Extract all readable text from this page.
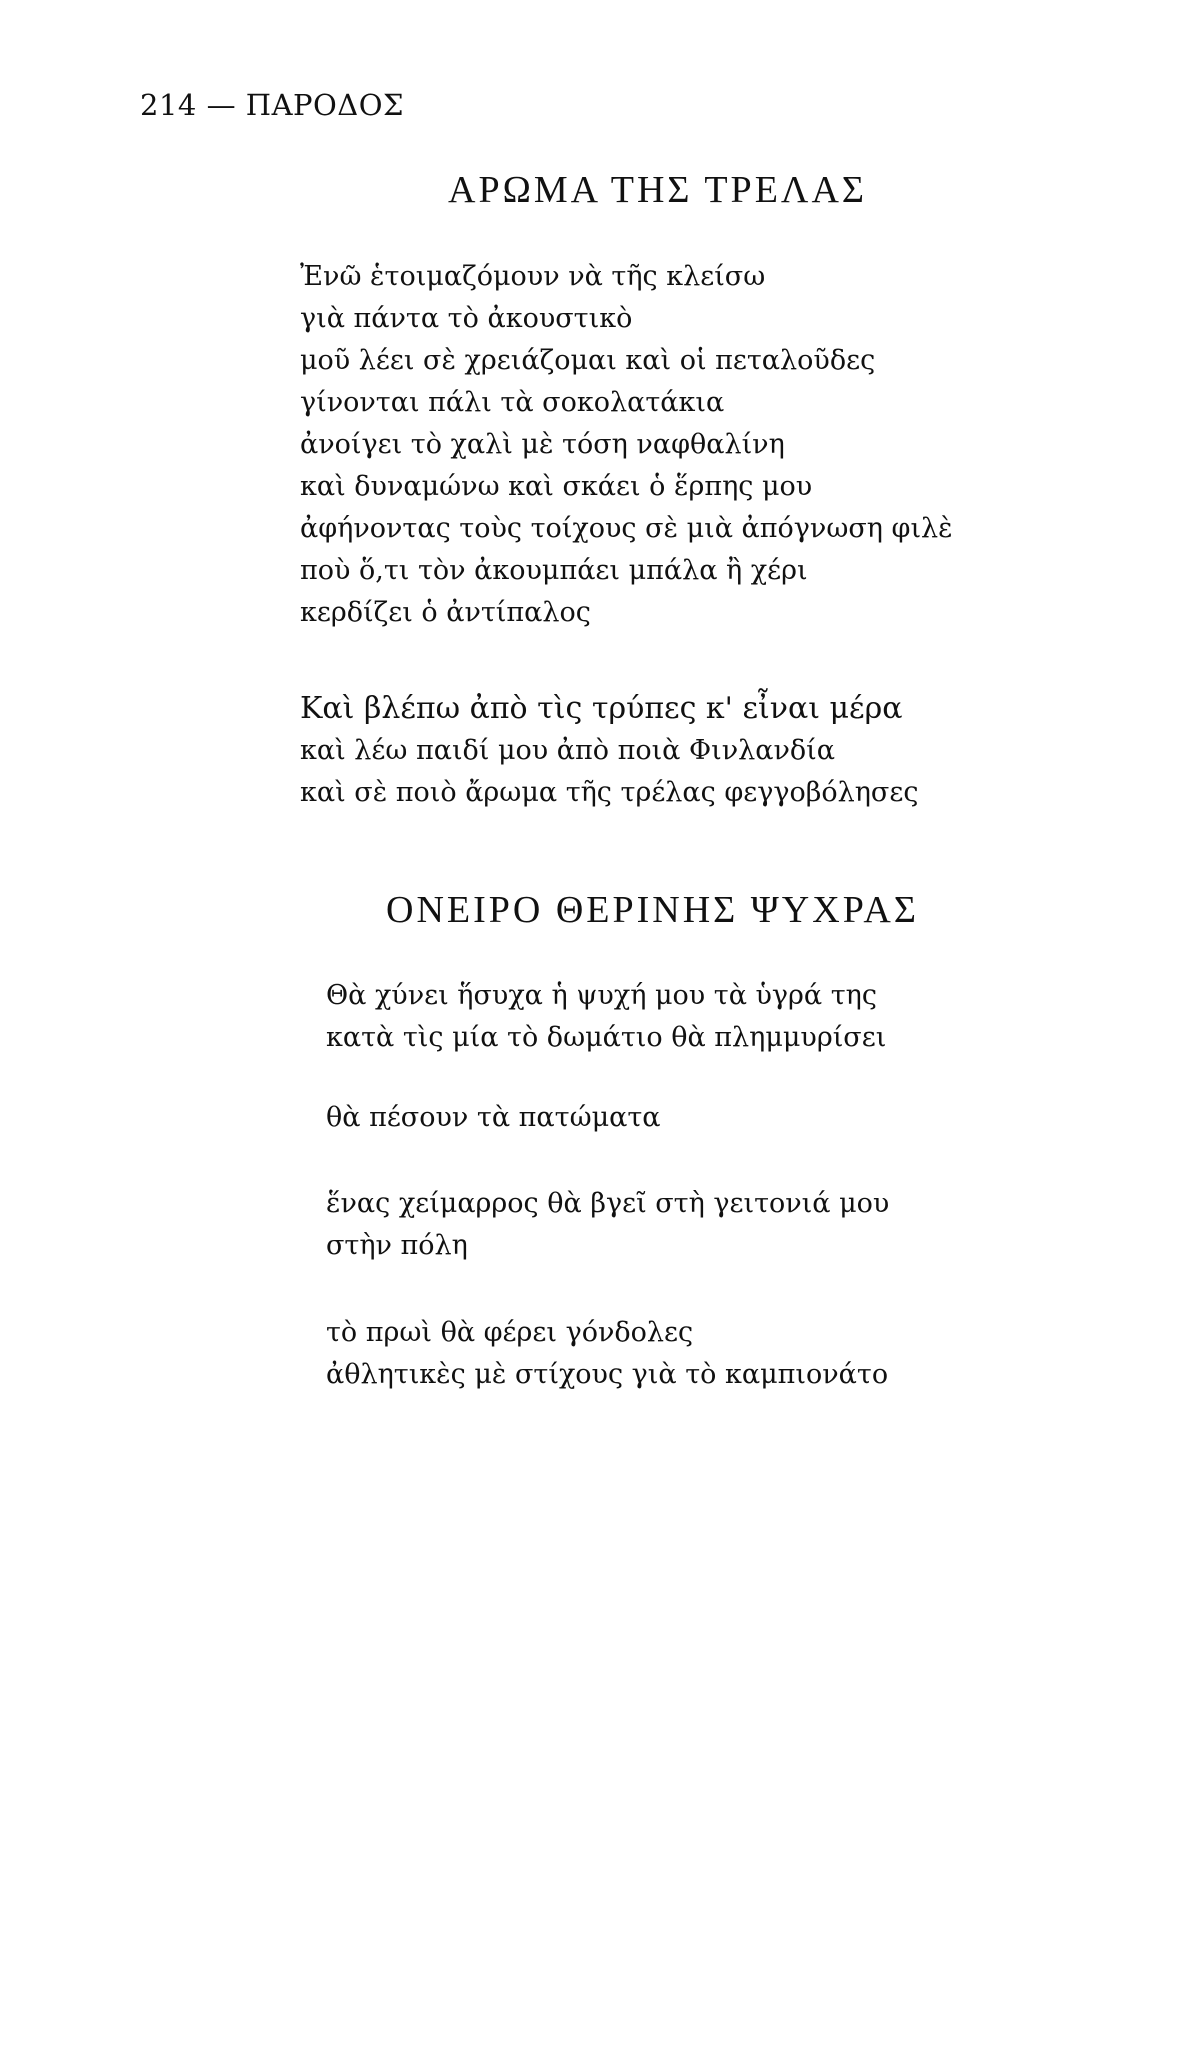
214 — ΠΑΡΟΔΟΣ
ΑΡΩΜΑ ΤΗΣ ΤΡΕΛΑΣ
Ἐνῶ ἑτοιμαζόμουν νὰ τῆς κλείσω
γιὰ πάντα τὸ ἀκουστικὸ
μοῦ λέει σὲ χρειάζομαι καὶ οἱ πεταλοῦδες
γίνονται πάλι τὰ σοκολατάκια
ἀνοίγει τὸ χαλὶ μὲ τόση ναφθαλίνη
καὶ δυναμώνω καὶ σκάει ὁ ἕρπης μου
ἀφήνοντας τοὺς τοίχους σὲ μιὰ ἀπόγνωση φιλὲ
ποὺ ὅ,τι τὸν ἀκουμπάει μπάλα ἢ χέρι
κερδίζει ὁ ἀντίπαλος
Καὶ βλέπω ἀπὸ τὶς τρύπες κ' εἶναι μέρα
καὶ λέω παιδί μου ἀπὸ ποιὰ Φινλανδία
καὶ σὲ ποιὸ ἄρωμα τῆς τρέλας φεγγοβόλησες
ΟΝΕΙΡΟ ΘΕΡΙΝΗΣ ΨΥΧΡΑΣ
Θὰ χύνει ἥσυχα ἡ ψυχή μου τὰ ὑγρά της
κατὰ τὶς μία τὸ δωμάτιο θὰ πλημμυρίσει
θὰ πέσουν τὰ πατώματα
ἕνας χείμαρρος θὰ βγεῖ στὴ γειτονιά μου
στὴν πόλη
τὸ πρωὶ θὰ φέρει γόνδολες
ἀθλητικὲς μὲ στίχους γιὰ τὸ καμπιονάτο
